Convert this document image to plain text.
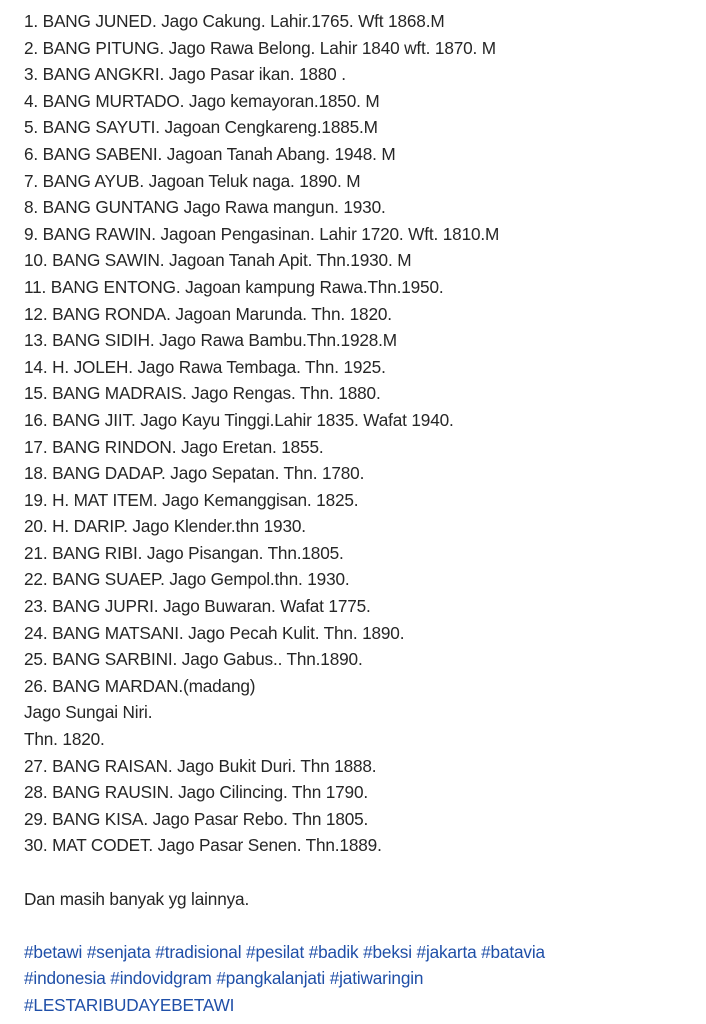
1. BANG JUNED. Jago Cakung. Lahir.1765. Wft 1868.M
2. BANG PITUNG. Jago Rawa Belong. Lahir 1840 wft. 1870. M
3. BANG ANGKRI. Jago Pasar ikan. 1880 .
4. BANG MURTADO. Jago kemayoran.1850. M
5. BANG SAYUTI. Jagoan Cengkareng.1885.M
6. BANG SABENI. Jagoan Tanah Abang. 1948. M
7. BANG AYUB. Jagoan Teluk naga. 1890. M
8. BANG GUNTANG Jago Rawa mangun. 1930.
9. BANG RAWIN. Jagoan Pengasinan. Lahir 1720. Wft. 1810.M
10. BANG SAWIN. Jagoan Tanah Apit. Thn.1930. M
11. BANG ENTONG. Jagoan kampung Rawa.Thn.1950.
12. BANG RONDA. Jagoan Marunda. Thn. 1820.
13. BANG SIDIH. Jago Rawa Bambu.Thn.1928.M
14. H. JOLEH. Jago Rawa Tembaga. Thn. 1925.
15. BANG MADRAIS. Jago Rengas. Thn. 1880.
16. BANG JIIT. Jago Kayu Tinggi.Lahir 1835. Wafat 1940.
17. BANG RINDON. Jago Eretan. 1855.
18. BANG DADAP. Jago Sepatan. Thn. 1780.
19. H. MAT ITEM. Jago Kemanggisan. 1825.
20. H. DARIP. Jago Klender.thn 1930.
21. BANG RIBI. Jago Pisangan. Thn.1805.
22. BANG SUAEP. Jago Gempol.thn. 1930.
23. BANG JUPRI. Jago Buwaran. Wafat 1775.
24. BANG MATSANI. Jago Pecah Kulit. Thn. 1890.
25. BANG SARBINI. Jago Gabus.. Thn.1890.
26. BANG MARDAN.(madang)
Jago Sungai Niri.
Thn. 1820.
27. BANG RAISAN. Jago Bukit Duri. Thn 1888.
28. BANG RAUSIN. Jago Cilincing. Thn 1790.
29. BANG KISA. Jago Pasar Rebo. Thn 1805.
30. MAT CODET. Jago Pasar Senen. Thn.1889.
Dan masih banyak yg lainnya.
#betawi #senjata #tradisional #pesilat #badik #beksi #jakarta #batavia
#indonesia #indovidgram #pangkalanjati #jatiwaringin
#LESTARIBUDAYEBETAWI
